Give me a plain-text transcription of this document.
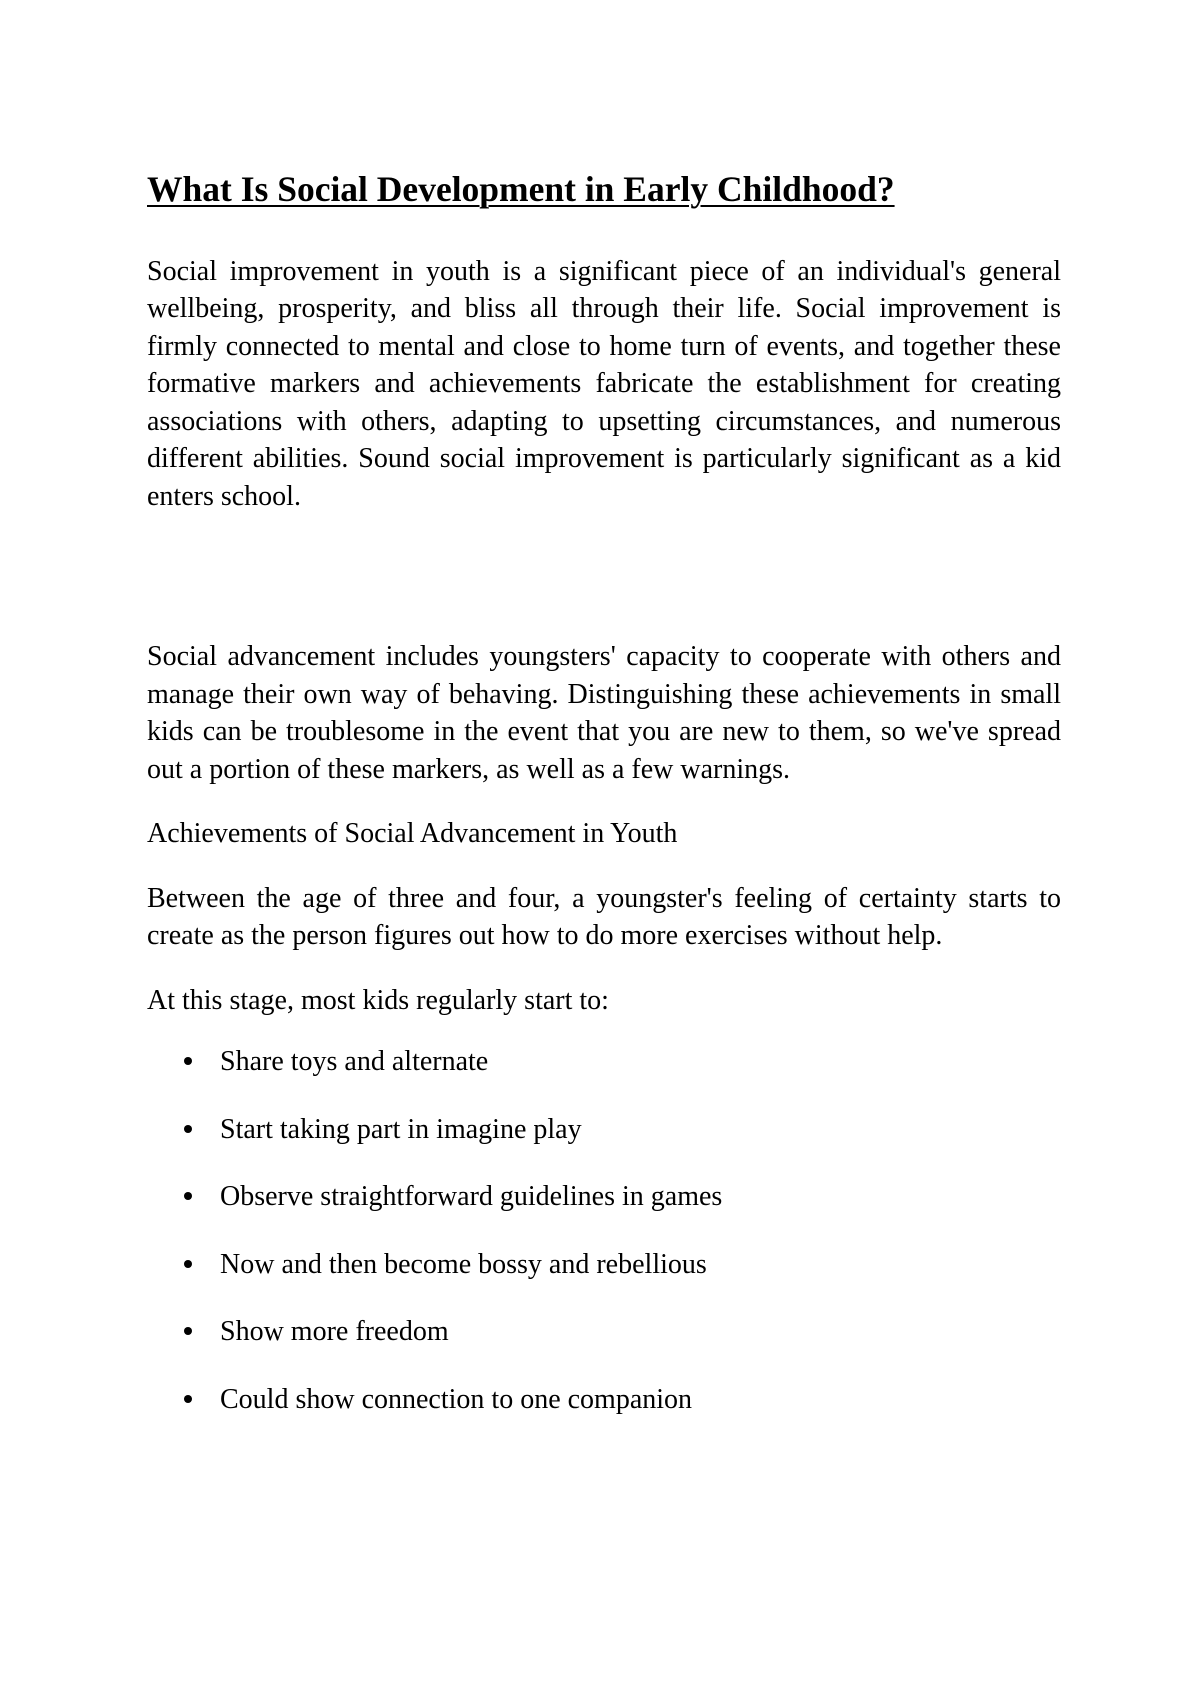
What Is Social Development in Early Childhood?

Social improvement in youth is a significant piece of an individual's general wellbeing, prosperity, and bliss all through their life. Social improvement is firmly connected to mental and close to home turn of events, and together these formative markers and achievements fabricate the establishment for creating associations with others, adapting to upsetting circumstances, and numerous different abilities. Sound social improvement is particularly significant as a kid enters school.

Social advancement includes youngsters' capacity to cooperate with others and manage their own way of behaving. Distinguishing these achievements in small kids can be troublesome in the event that you are new to them, so we've spread out a portion of these markers, as well as a few warnings.

Achievements of Social Advancement in Youth

Between the age of three and four, a youngster's feeling of certainty starts to create as the person figures out how to do more exercises without help.

At this stage, most kids regularly start to:

Share toys and alternate
Start taking part in imagine play
Observe straightforward guidelines in games
Now and then become bossy and rebellious
Show more freedom
Could show connection to one companion
